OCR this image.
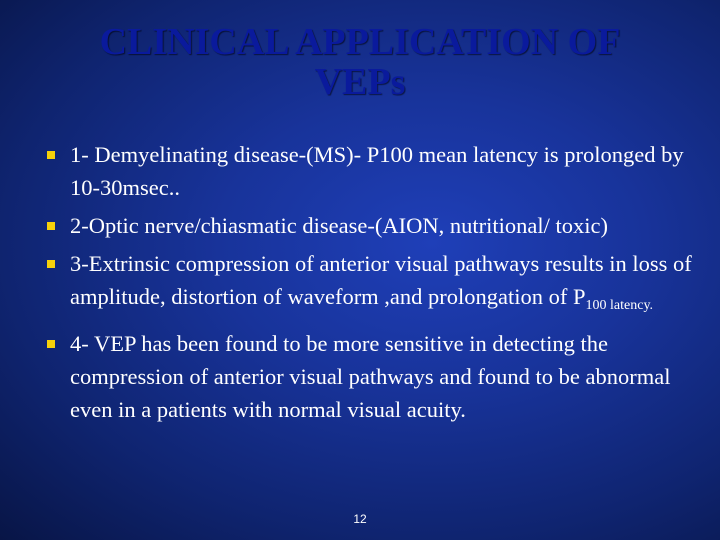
CLINICAL APPLICATION OF
VEPs
1- Demyelinating disease-(MS)- P100 mean latency is prolonged by 10-30msec..
2-Optic nerve/chiasmatic disease-(AION, nutritional/ toxic)
3-Extrinsic compression of anterior visual pathways results in loss of amplitude, distortion of waveform ,and prolongation of $P_{100 latency.}$
4- VEP has been found to be more sensitive in detecting the compression of anterior visual pathways and found to be abnormal even in a patients with normal visual acuity.
12
